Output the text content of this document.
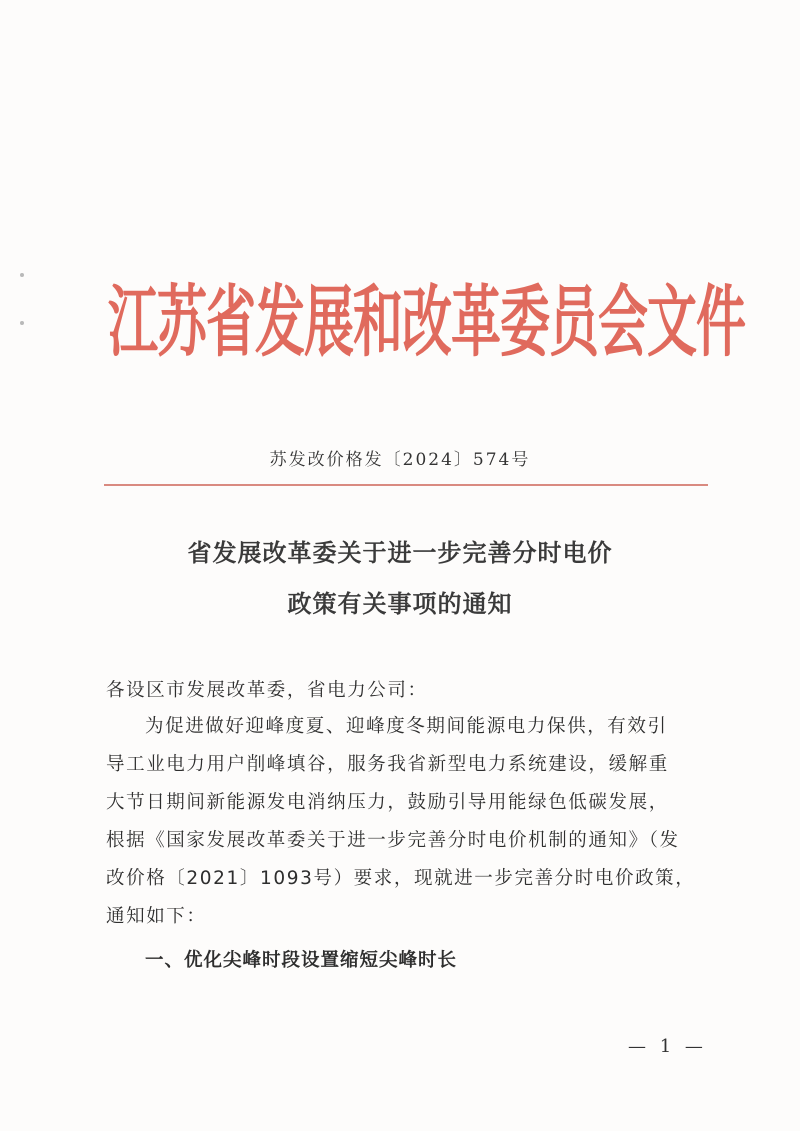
江 苏 省 发 展 和 改 革 委 员 会 文 件
苏发改价格发〔2024〕574号
省发展改革委关于进一步完善分时电价
政策有关事项的通知
各设区市发展改革委，省电力公司：
为促进做好迎峰度夏、迎峰度冬期间能源电力保供，有效引
导工业电力用户削峰填谷，服务我省新型电力系统建设，缓解重
大节日期间新能源发电消纳压力，鼓励引导用能绿色低碳发展，
根据《国家发展改革委关于进一步完善分时电价机制的通知》（发
改价格〔2021〕1093号）要求，现就进一步完善分时电价政策，
通知如下：
一、优化尖峰时段设置缩短尖峰时长
— 1 —
